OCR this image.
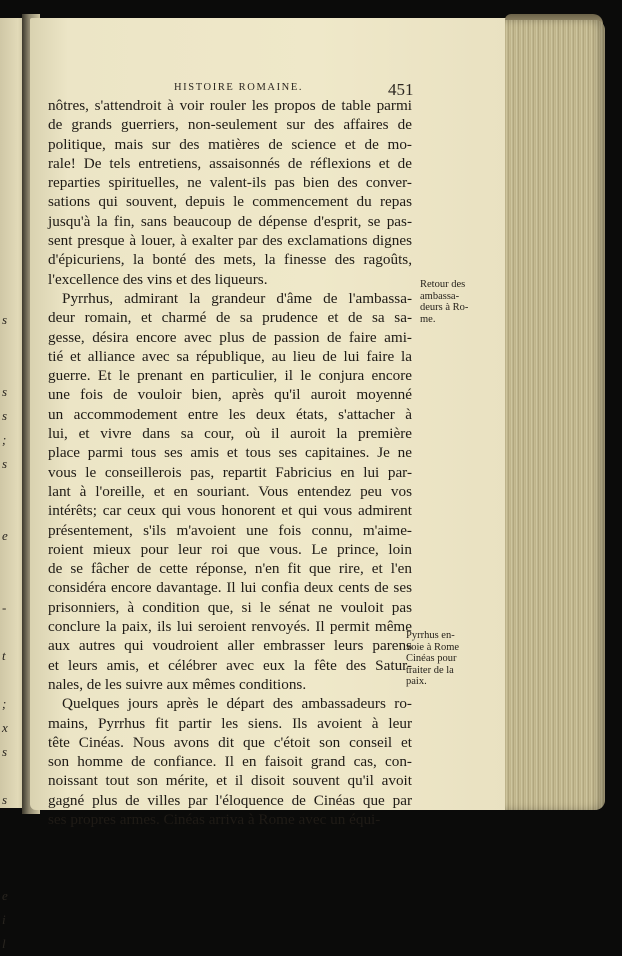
s

s
s
;
s

e

-

t

;
x
s

s

e
i
l
HISTOIRE ROMAINE.	451
nôtres, s'attendroit à voir rouler les propos de table parmi
de grands guerriers, non-seulement sur des affaires de
politique, mais sur des matières de science et de mo-
rale! De tels entretiens, assaisonnés de réflexions et de
reparties spirituelles, ne valent-ils pas bien des conver-
sations qui souvent, depuis le commencement du repas
jusqu'à la fin, sans beaucoup de dépense d'esprit, se pas-
sent presque à louer, à exalter par des exclamations dignes
d'épicuriens, la bonté des mets, la finesse des ragoûts,
l'excellence des vins et des liqueurs.
Pyrrhus, admirant la grandeur d'âme de l'ambassa-
deur romain, et charmé de sa prudence et de sa sa-
gesse, désira encore avec plus de passion de faire ami-
tié et alliance avec sa république, au lieu de lui faire la
guerre. Et le prenant en particulier, il le conjura encore
une fois de vouloir bien, après qu'il auroit moyenné
un accommodement entre les deux états, s'attacher à
lui, et vivre dans sa cour, où il auroit la première
place parmi tous ses amis et tous ses capitaines. Je ne
vous le conseillerois pas, repartit Fabricius en lui par-
lant à l'oreille, et en souriant. Vous entendez peu vos
intérêts; car ceux qui vous honorent et qui vous admirent
présentement, s'ils m'avoient une fois connu, m'aime-
roient mieux pour leur roi que vous. Le prince, loin
de se fâcher de cette réponse, n'en fit que rire, et l'en
considéra encore davantage. Il lui confia deux cents de ses
prisonniers, à condition que, si le sénat ne vouloit pas
conclure la paix, ils lui seroient renvoyés. Il permit même
aux autres qui voudroient aller embrasser leurs parens
et leurs amis, et célébrer avec eux la fête des Satur-
nales, de les suivre aux mêmes conditions.
Quelques jours après le départ des ambassadeurs ro-
mains, Pyrrhus fit partir les siens. Ils avoient à leur
tête Cinéas. Nous avons dit que c'étoit son conseil et
son homme de confiance. Il en faisoit grand cas, con-
noissant tout son mérite, et il disoit souvent qu'il avoit
gagné plus de villes par l'éloquence de Cinéas que par
ses propres armes. Cinéas arriva à Rome avec un équi-
Retour des
ambassa-
deurs à Ro-
me.
Pyrrhus en-
voie à Rome
Cinéas pour
traiter de la
paix.
